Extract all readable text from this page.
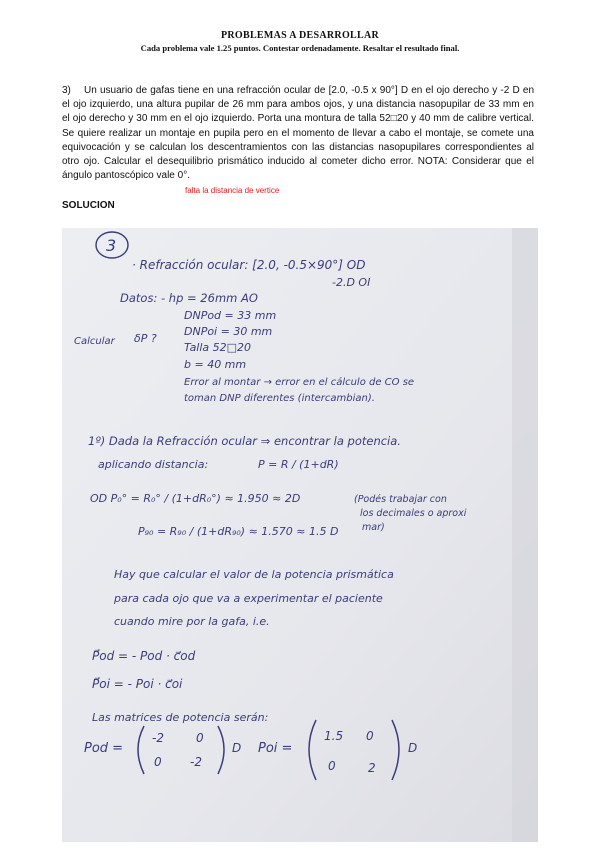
PROBLEMAS A DESARROLLAR
Cada problema vale 1.25 puntos. Contestar ordenadamente. Resaltar el resultado final.
3) Un usuario de gafas tiene en una refracción ocular de [2.0, -0.5 x 90°] D en el ojo derecho y -2 D en el ojo izquierdo, una altura pupilar de 26 mm para ambos ojos, y una distancia nasopupilar de 33 mm en el ojo derecho y 30 mm en el ojo izquierdo. Porta una montura de talla 52□20 y 40 mm de calibre vertical. Se quiere realizar un montaje en pupila pero en el momento de llevar a cabo el montaje, se comete una equivocación y se calculan los descentramientos con las distancias nasopupilares correspondientes al otro ojo. Calcular el desequilibrio prismático inducido al cometer dicho error. NOTA: Considerar que el ángulo pantoscópico vale 0°.
falta la distancia de vertice
SOLUCION
3
· Refracción ocular: [2.0, -0.5×90°] OD
-2.D OI
Datos: - hp = 26mm AO
DNPod = 33 mm
DNPoi = 30 mm
Talla 52□20
b = 40 mm
Calcular δP ?
Error al montar → error en el cálculo de CO se
toman DNP diferentes (intercambian).
1º) Dada la Refracción ocular ⇒ encontrar la potencia.
aplicando distancia:	P = R / (1+dR)
OD P₀° = R₀° / (1+dR₀°) ≈ 1.950 ≈ 2D
P₉₀ = R₉₀ / (1+dR₉₀) ≈ 1.570 ≈ 1.5 D
(Podés trabajar con
los decimales o aproxi
mar)
Hay que calcular el valor de la potencia prismática
para cada ojo que va a experimentar el paciente
cuando mire por la gafa, i.e.
P⃗od = - Pod · c⃗od
P⃗oi = - Poi · c⃗oi
Las matrices de potencia serán:
Pod =
-2	0
0 -2
D Poi =
1.5 0
0	2
D
